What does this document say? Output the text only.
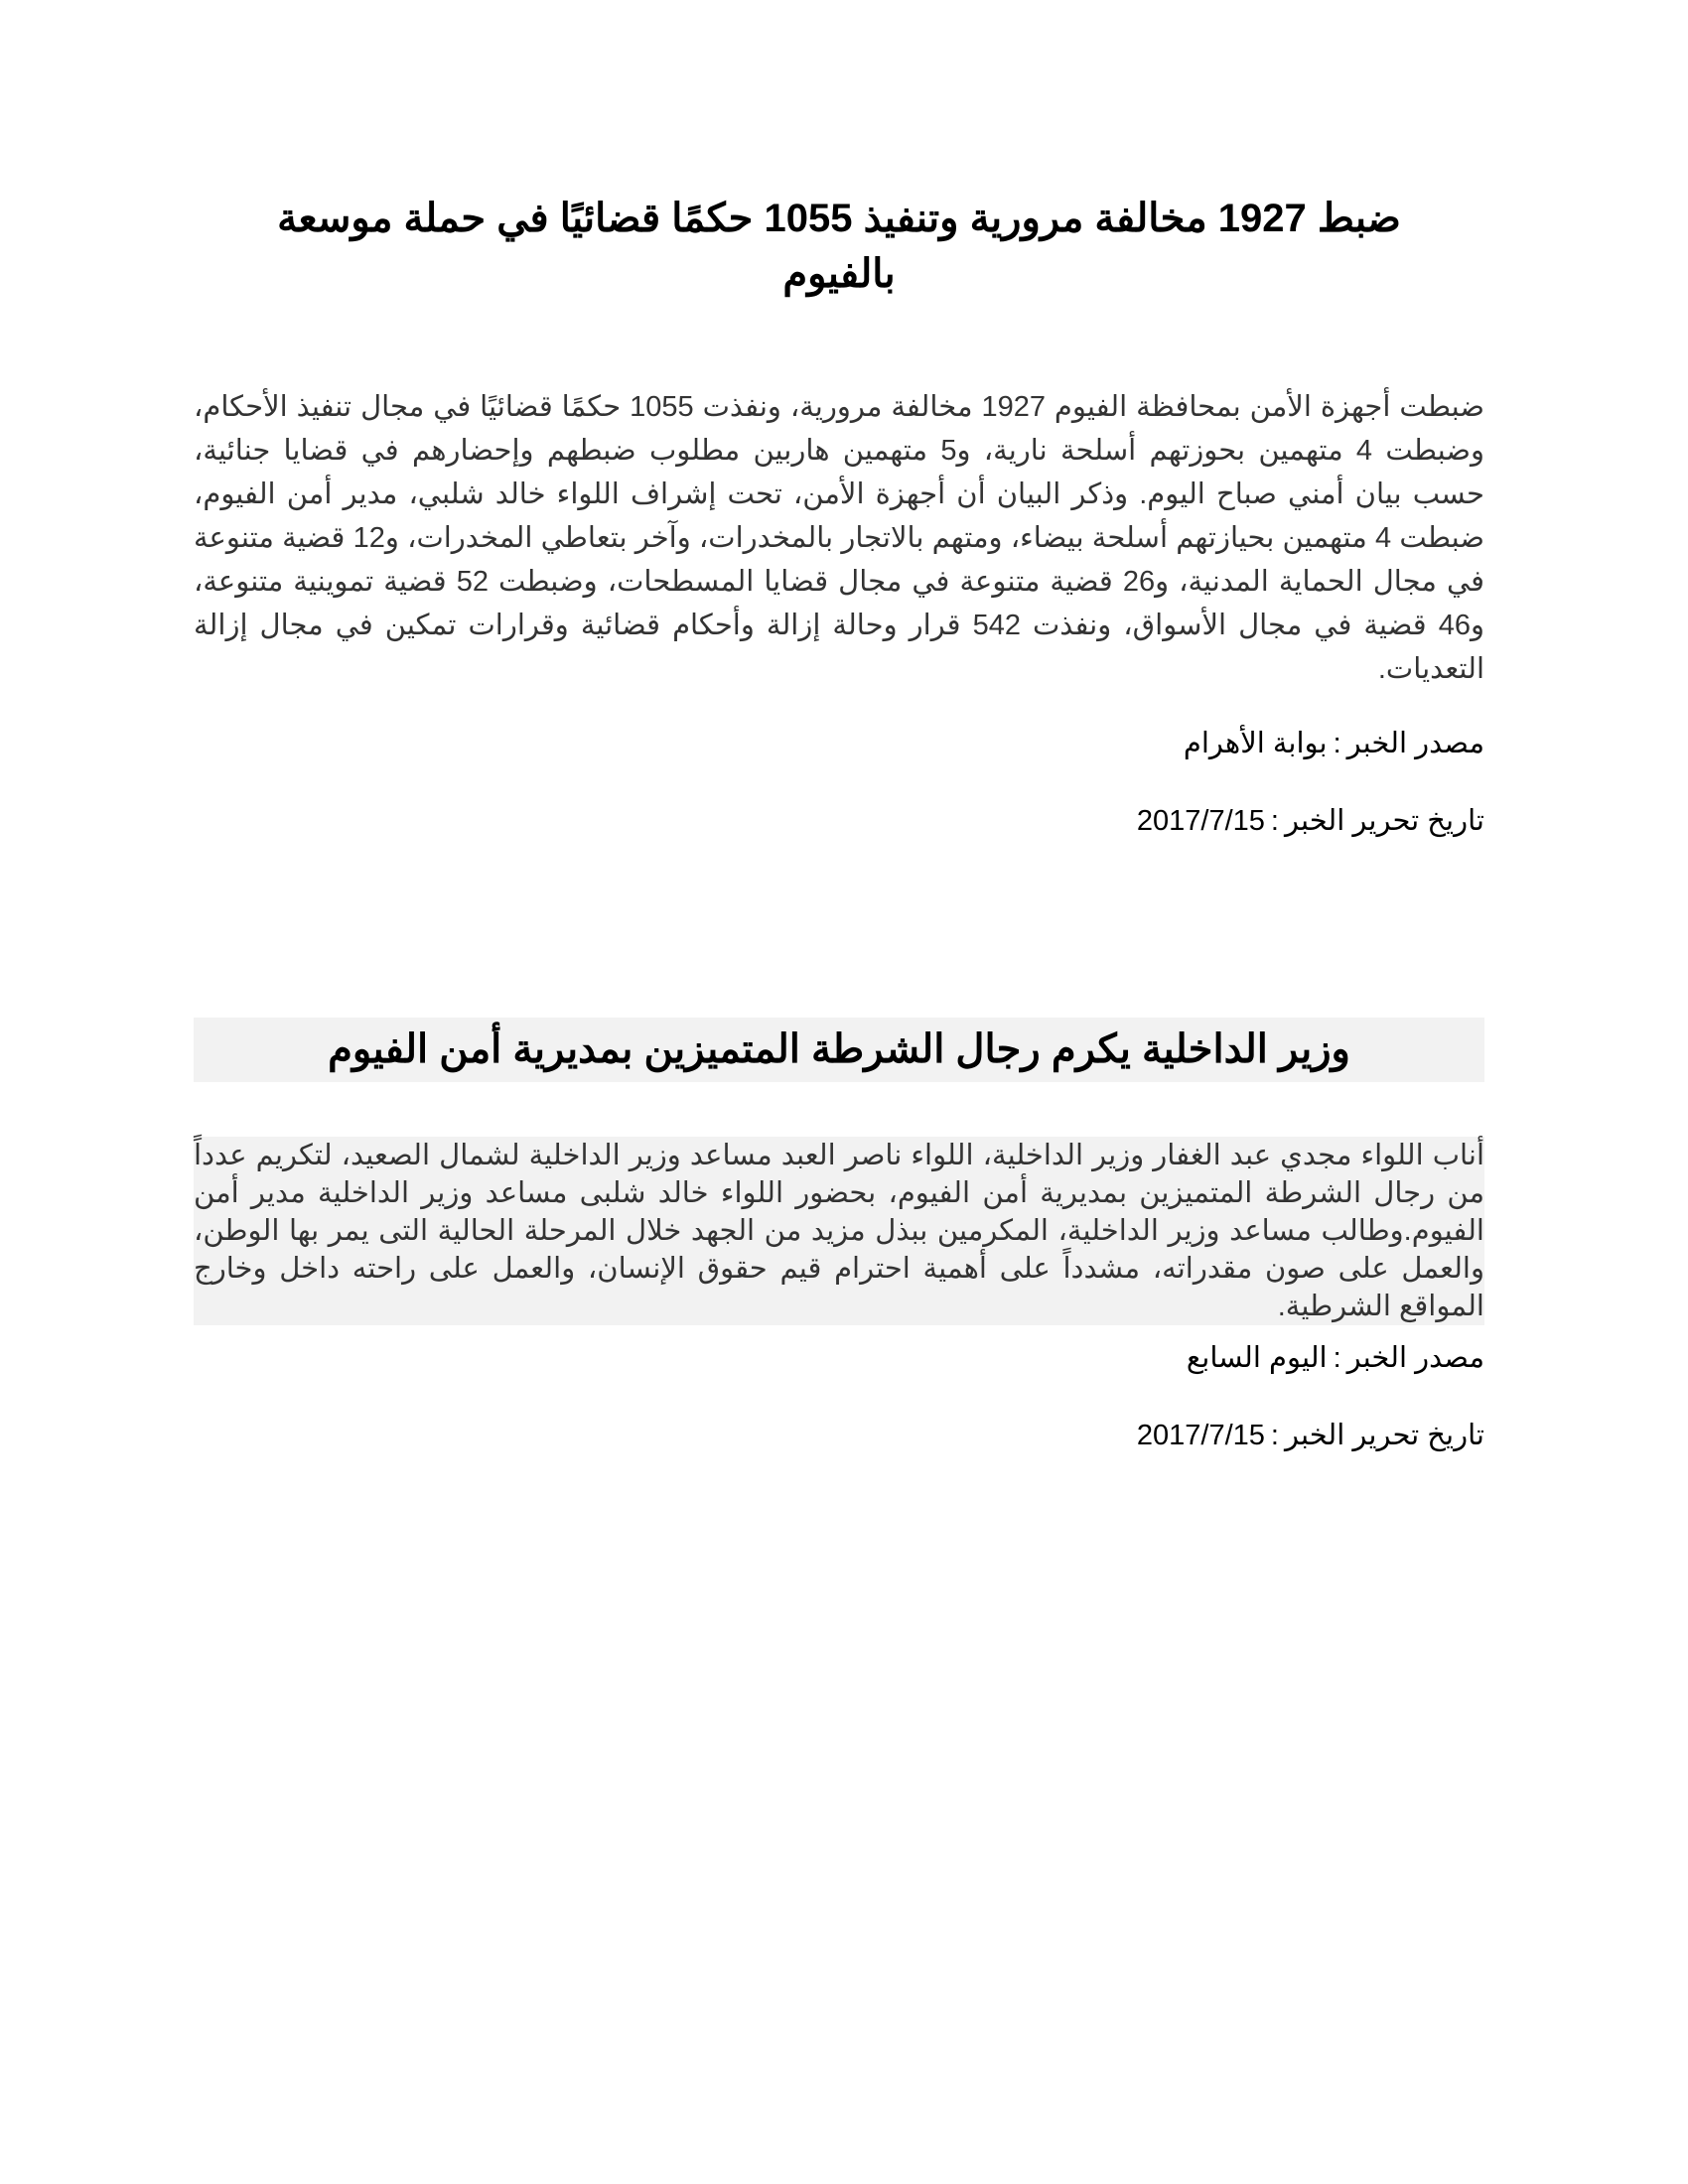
ضبط 1927 مخالفة مرورية وتنفيذ 1055 حكمًا قضائيًا في حملة موسعة بالفيوم

ضبطت أجهزة الأمن بمحافظة الفيوم 1927 مخالفة مرورية، ونفذت 1055 حكمًا قضائيًا في مجال تنفيذ الأحكام، وضبطت 4 متهمين بحوزتهم أسلحة نارية، و5 متهمين هاربين مطلوب ضبطهم وإحضارهم في قضايا جنائية، حسب بيان أمني صباح اليوم. وذكر البيان أن أجهزة الأمن، تحت إشراف اللواء خالد شلبي، مدير أمن الفيوم، ضبطت 4 متهمين بحيازتهم أسلحة بيضاء، ومتهم بالاتجار بالمخدرات، وآخر بتعاطي المخدرات، و12 قضية متنوعة في مجال الحماية المدنية، و26 قضية متنوعة في مجال قضايا المسطحات، وضبطت 52 قضية تموينية متنوعة، و46 قضية في مجال الأسواق، ونفذت 542 قرار وحالة إزالة وأحكام قضائية وقرارات تمكين في مجال إزالة التعديات.

مصدر الخبر:بوابة الأهرام
تاريخ تحرير الخبر:2017/7/15
وزير الداخلية يكرم رجال الشرطة المتميزين بمديرية أمن الفيوم

أناب اللواء مجدي عبد الغفار وزير الداخلية، اللواء ناصر العبد مساعد وزير الداخلية لشمال الصعيد، لتكريم عدداً من رجال الشرطة المتميزين بمديرية أمن الفيوم، بحضور اللواء خالد شلبى مساعد وزير الداخلية مدير أمن الفيوم.وطالب مساعد وزير الداخلية، المكرمين ببذل مزيد من الجهد خلال المرحلة الحالية التى يمر بها الوطن، والعمل على صون مقدراته، مشدداً على أهمية احترام قيم حقوق الإنسان، والعمل على راحته داخل وخارج المواقع الشرطية.

مصدر الخبر:اليوم السابع
تاريخ تحرير الخبر:2017/7/15
